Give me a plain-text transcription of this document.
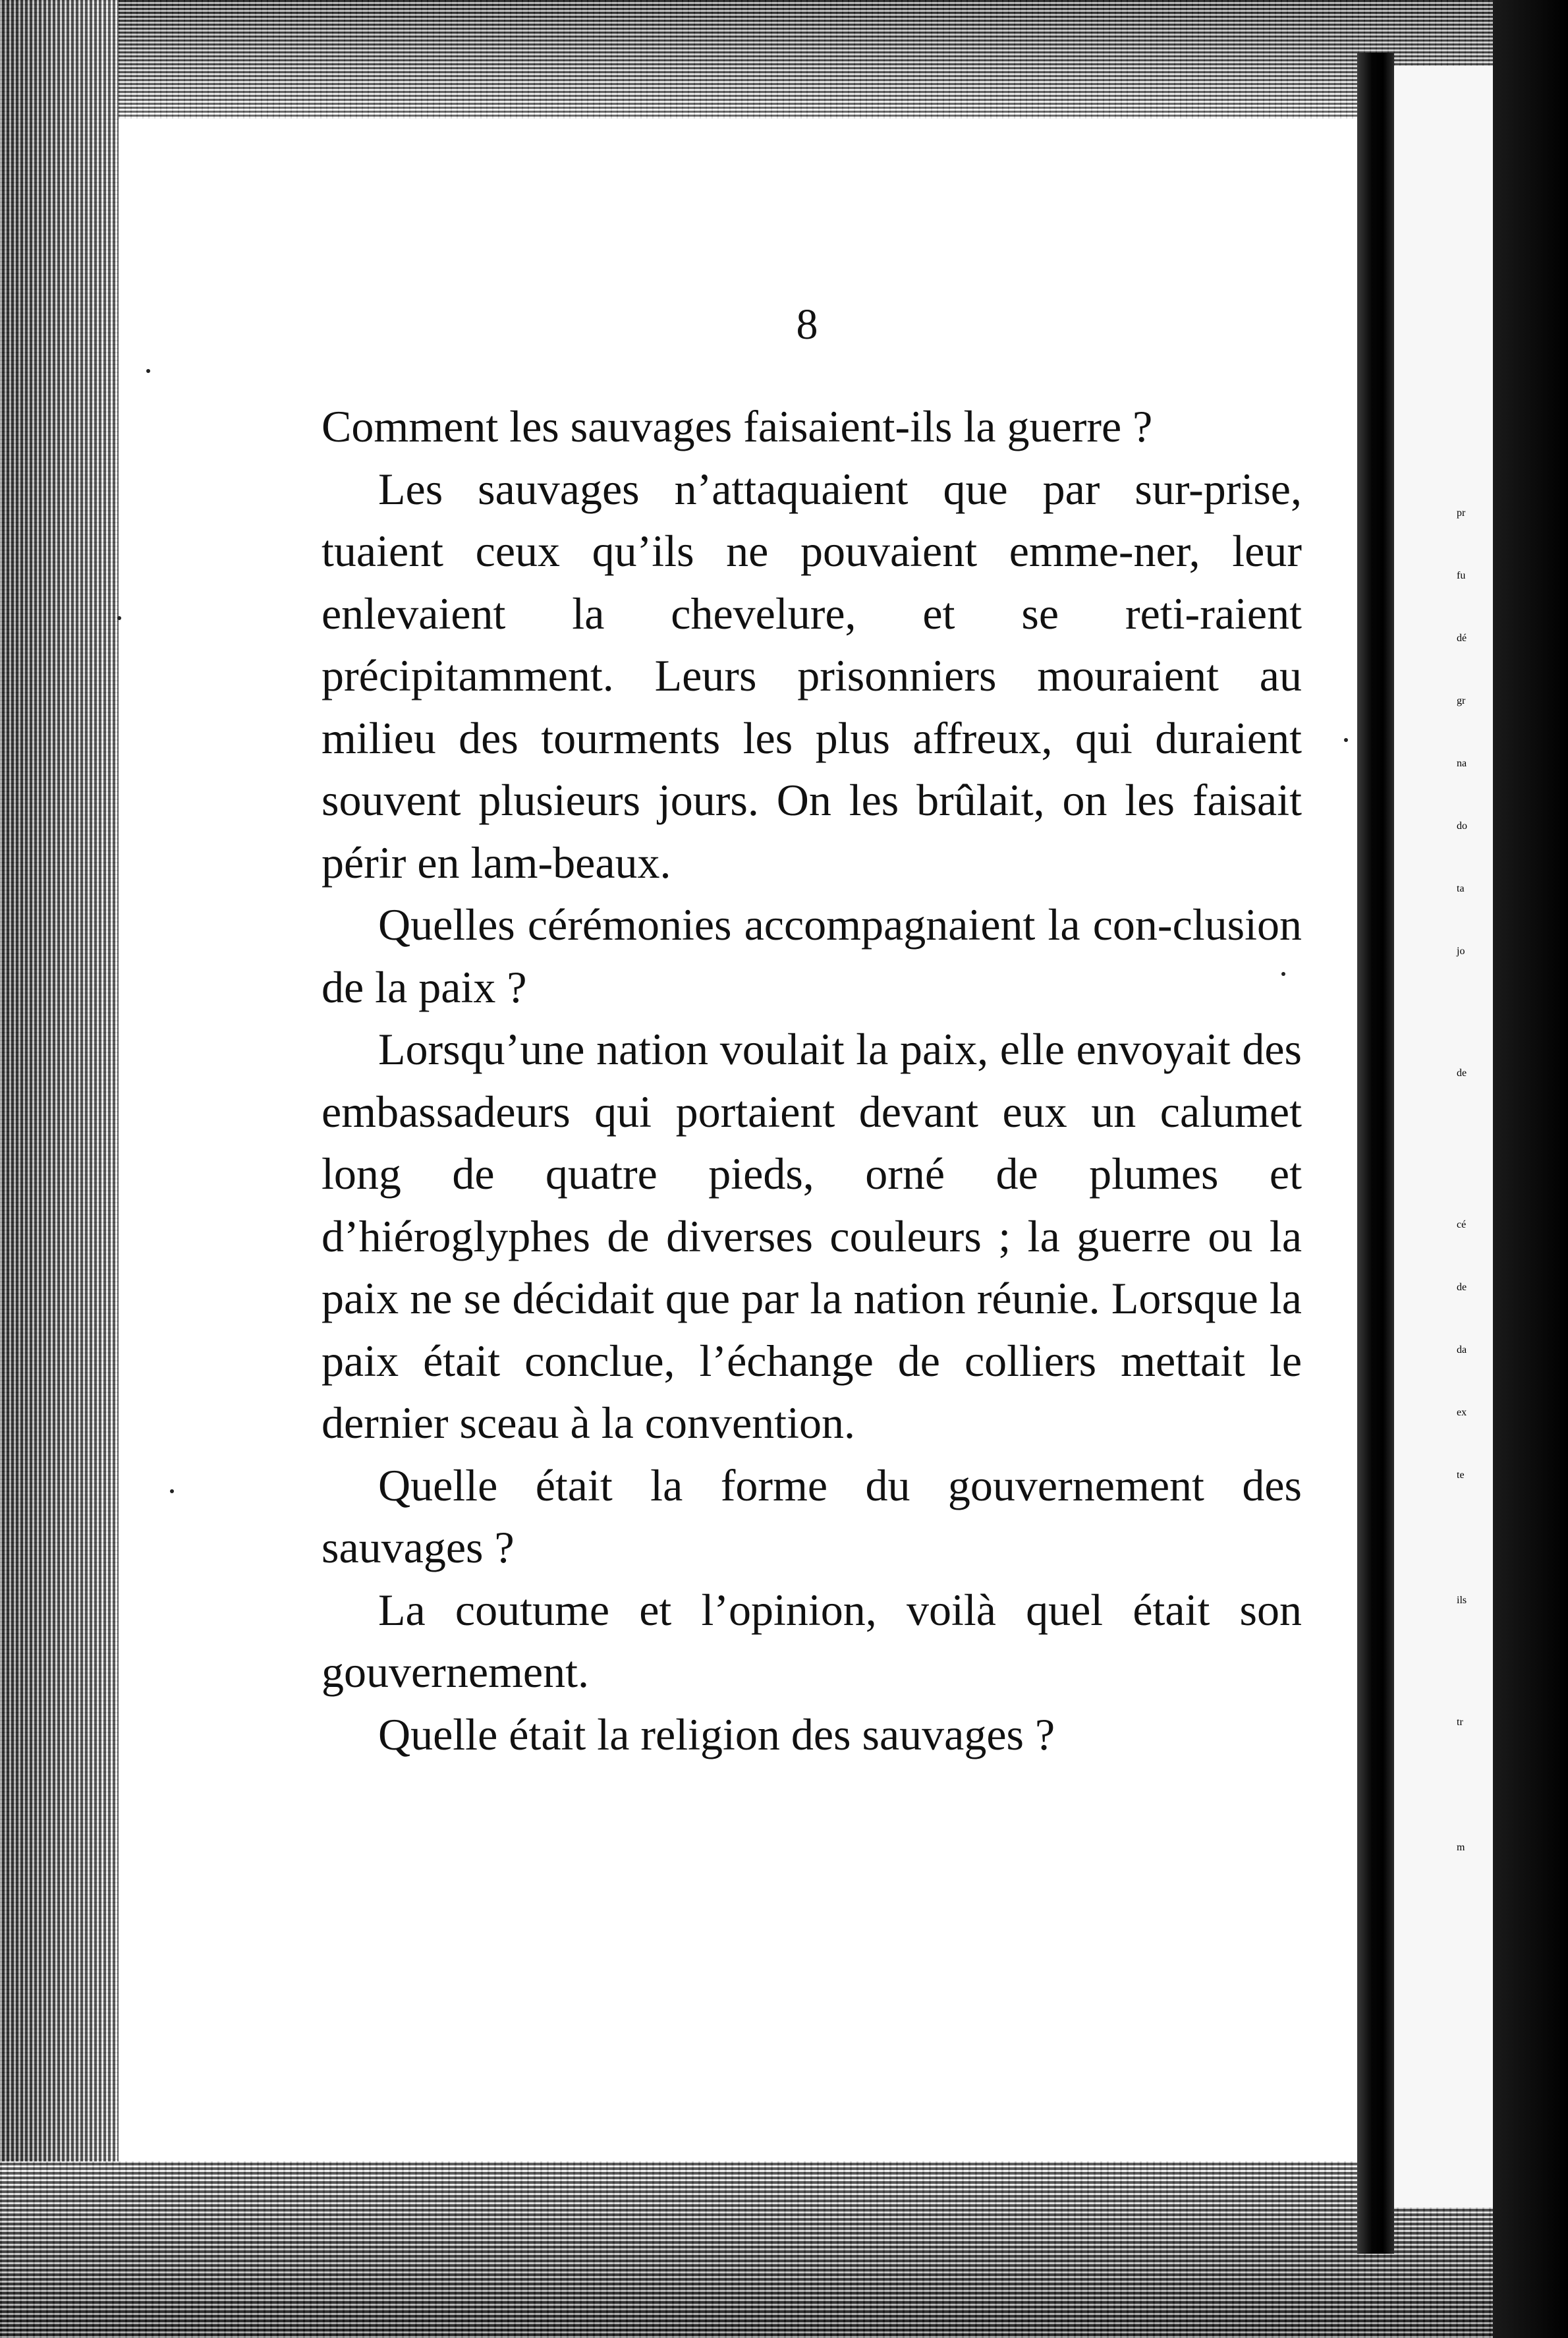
pr
fu
dé
gr
na
do
ta
jo
de
cé
de
da
ex
te
ils
tr
m
8

Comment les sauvages faisaient-ils la guerre ?

Les sauvages n’attaquaient que par sur-prise, tuaient ceux qu’ils ne pouvaient emme-ner, leur enlevaient la chevelure, et se reti-raient précipitamment. Leurs prisonniers mouraient au milieu des tourments les plus affreux, qui duraient souvent plusieurs jours. On les brûlait, on les faisait périr en lam-beaux.

Quelles cérémonies accompagnaient la con-clusion de la paix ?

Lorsqu’une nation voulait la paix, elle envoyait des embassadeurs qui portaient devant eux un calumet long de quatre pieds, orné de plumes et d’hiéroglyphes de diverses couleurs ; la guerre ou la paix ne se décidait que par la nation réunie. Lorsque la paix était conclue, l’échange de colliers mettait le dernier sceau à la convention.

Quelle était la forme du gouvernement des sauvages ?

La coutume et l’opinion, voilà quel était son gouvernement.

Quelle était la religion des sauvages ?
